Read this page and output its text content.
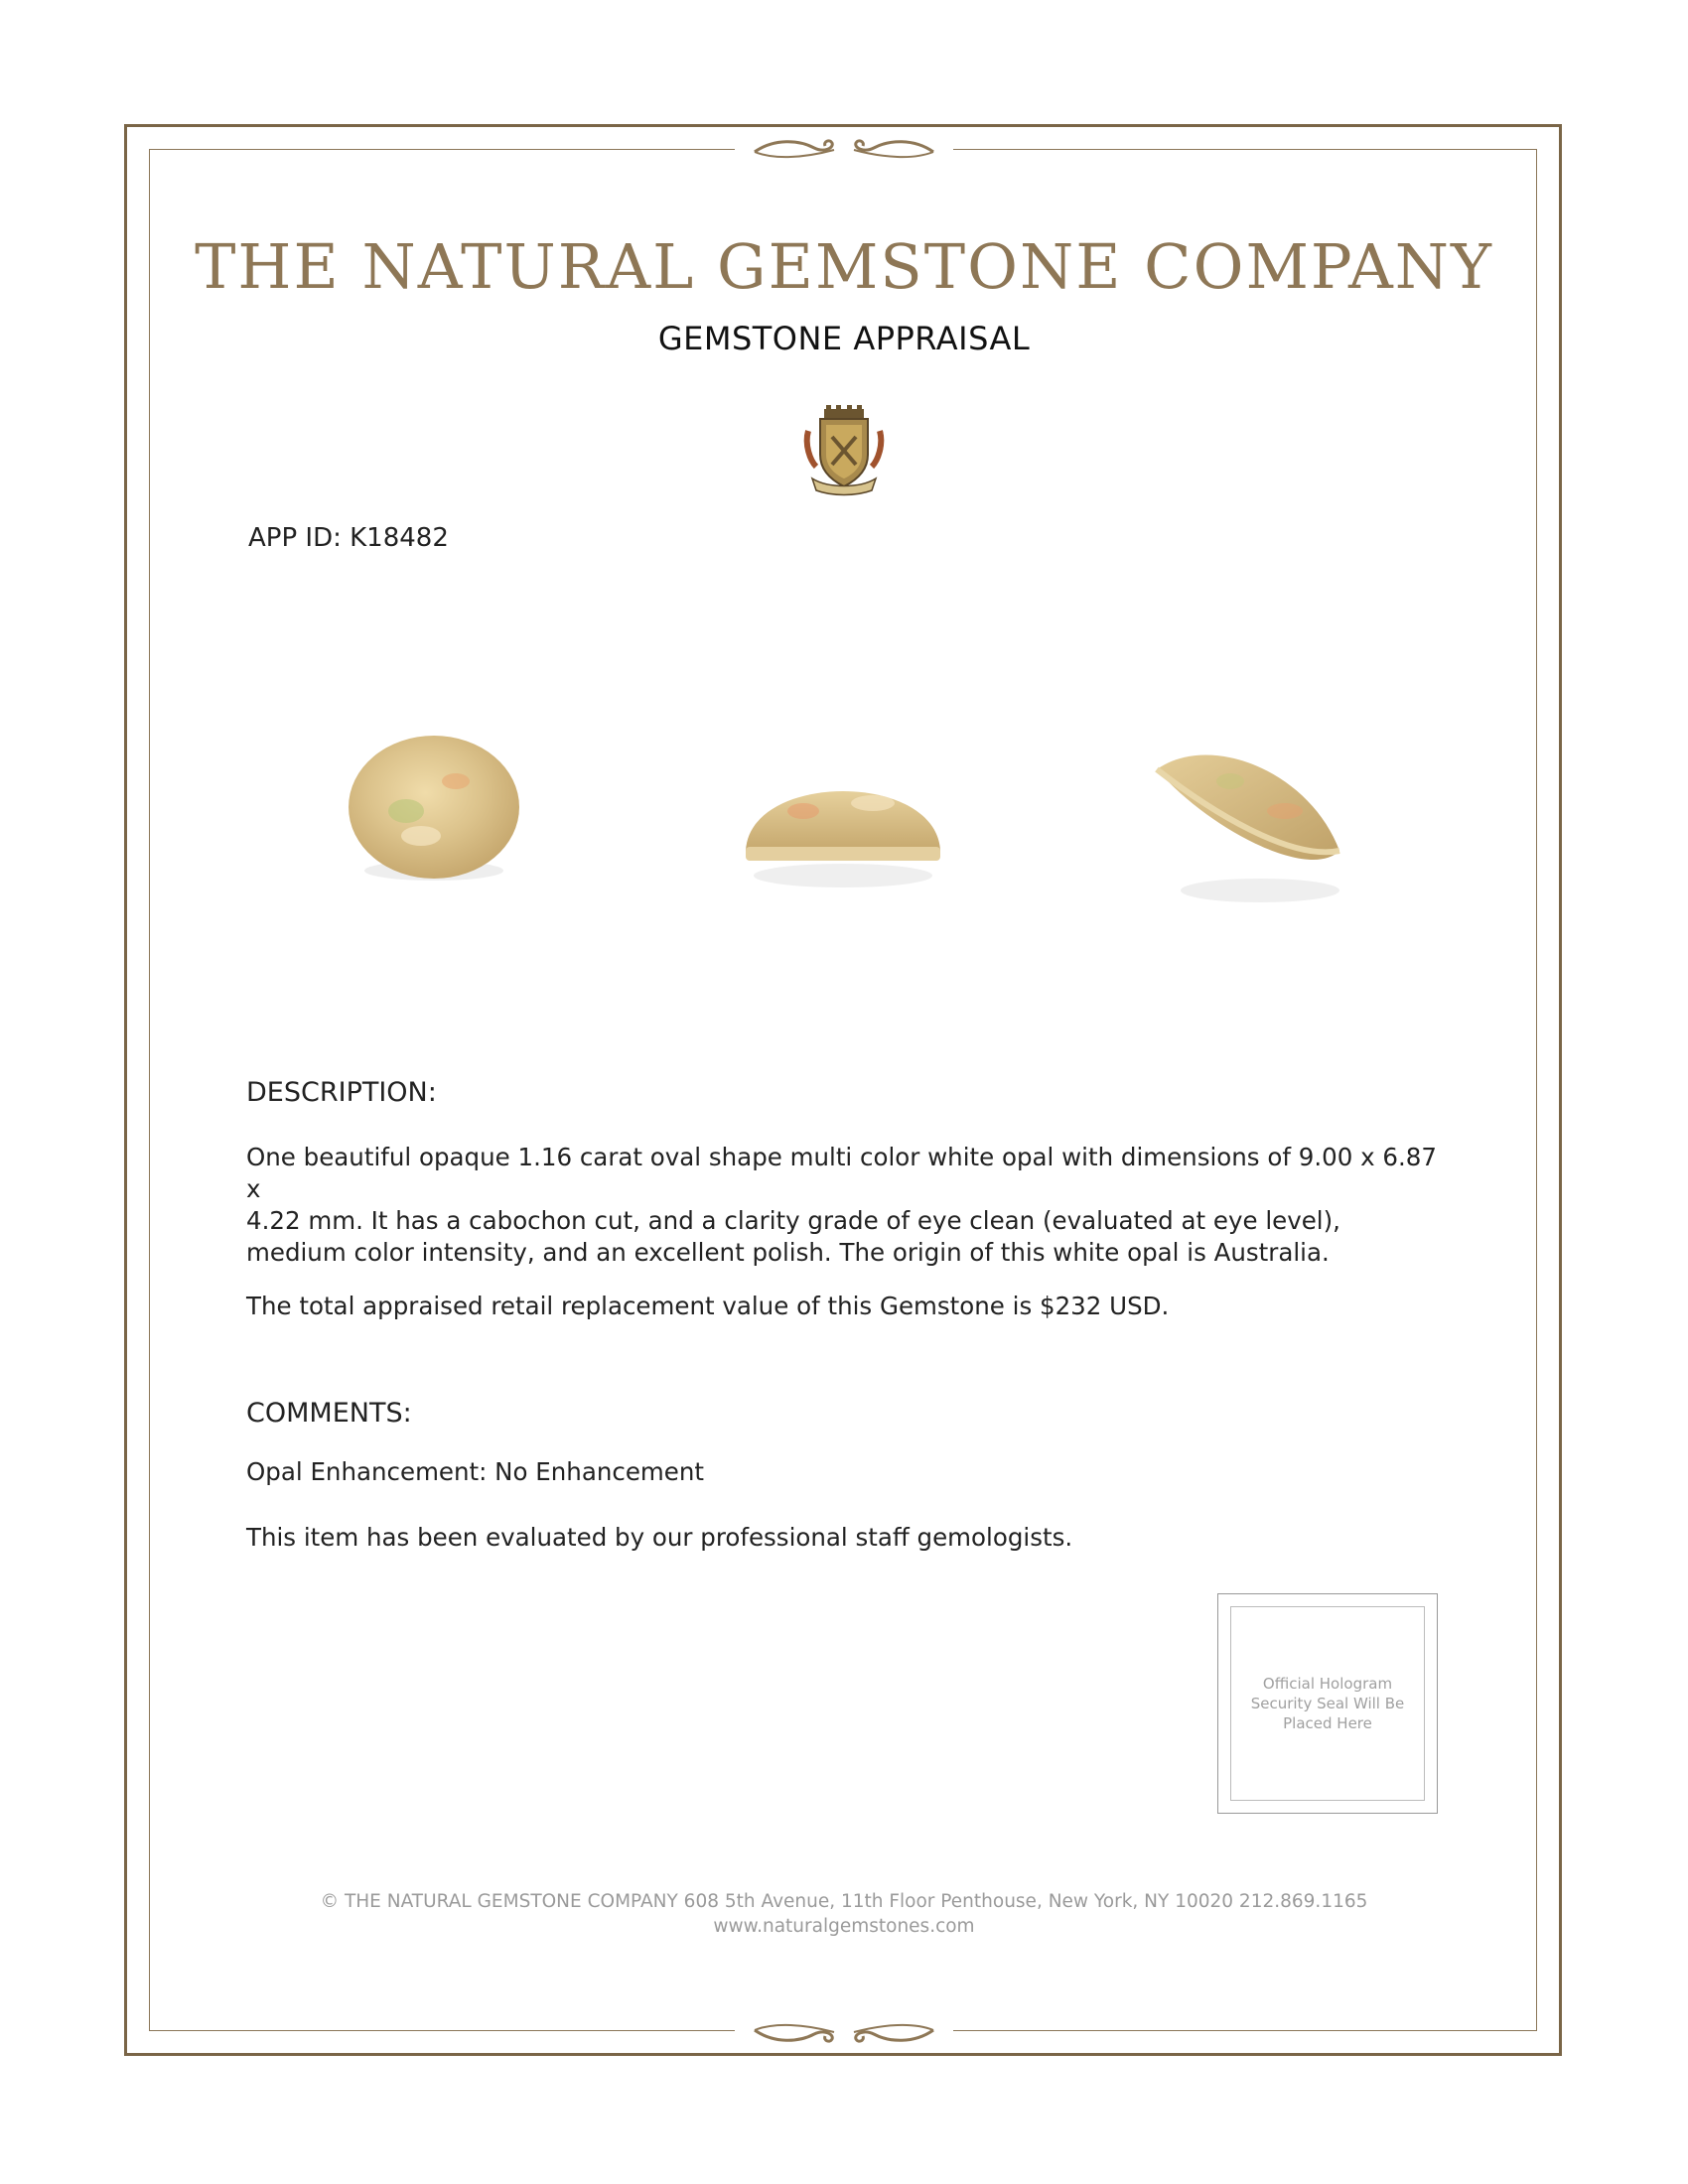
THE NATURAL GEMSTONE COMPANY
GEMSTONE APPRAISAL
APP ID: K18482
DESCRIPTION:
One beautiful opaque 1.16 carat oval shape multi color white opal with dimensions of 9.00 x 6.87 x
4.22 mm. It has a cabochon cut, and a clarity grade of eye clean (evaluated at eye level),
medium color intensity, and an excellent polish. The origin of this white opal is Australia.
The total appraised retail replacement value of this Gemstone is $232 USD.
COMMENTS:
Opal Enhancement: No Enhancement
This item has been evaluated by our professional staff gemologists.
Official Hologram Security Seal Will Be Placed Here
© THE NATURAL GEMSTONE COMPANY 608 5th Avenue, 11th Floor Penthouse, New York, NY 10020 212.869.1165
www.naturalgemstones.com
